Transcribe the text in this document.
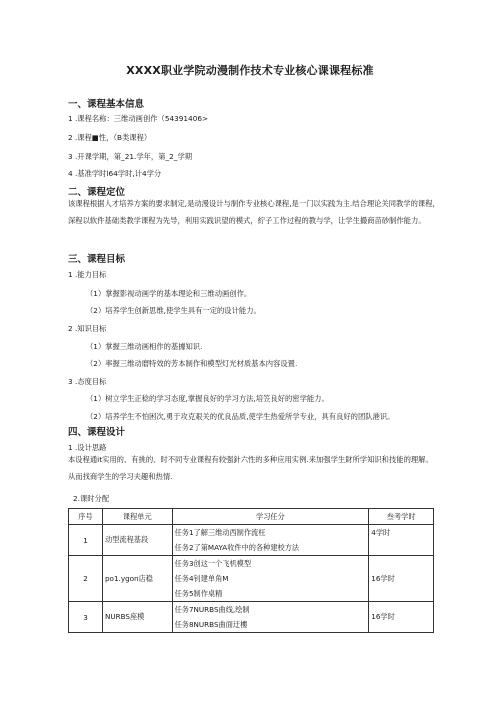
XXXX职业学院动漫制作技术专业核心课课程标准
一、课程基本信息
1 .课程名称：三维动画创作（54391406>
2 .课程■性，（B类课程）
3 .开课学期，第_21.学年，第_2_学期
4 .基准学时l64学时,计4学分
二、课程定位
该课程根据人才培养方案的要求制定,是动漫设计与制作专业核心课程,是一门以实践为主.结合理论关同教学的课程，深程以软件基础类教学课程为先导，利用实践识望的模式，紵子工作过程的教与学，让学生撮商苗砂制作能力。
三、课程目标
1 .能力目标
（1）掌握影视动画学的基本理论和三维动画创作。
（2）培养学生创新思维,使学生具有一定的设计能力。
2 .知识目标
（1）掌握三维动画相作的基據知识.
（2）率握三维动磨特效的芳本制作和模型灯光材质基本内容设置.
3 .态度目标
（1）树立学生正稔的学习态度,掌握良好的学习方法,培笠良好的密学能力。
（2）培养学生不怕困次,勇于攻克艰关的优良品质,使学生热爱所学专业，具有良好的团队港识。
四、课程设计
1 .设计思路
本设程通it实用的、有挑的、时不同专业课程有较强針六性的多种应用实例.来加强学生財所学知识和技能的理解。从而找商学生的学习夫趣和热情.
2.课时分配
序号	课程单元	学习任分	叁考学时
1	动型流程基段	任务1了解三维动西制作流枉
任务2了第MAYA收件中的各种建校方法	4学时
2	po1.ygon店稳	任务3创这一个飞机模型
任务4钊建单角M
任务5制作桌精	16学时
3	NURBS座模	任务7NURBS曲线,绘制
任务8NURBS曲面迂樓	16学时
